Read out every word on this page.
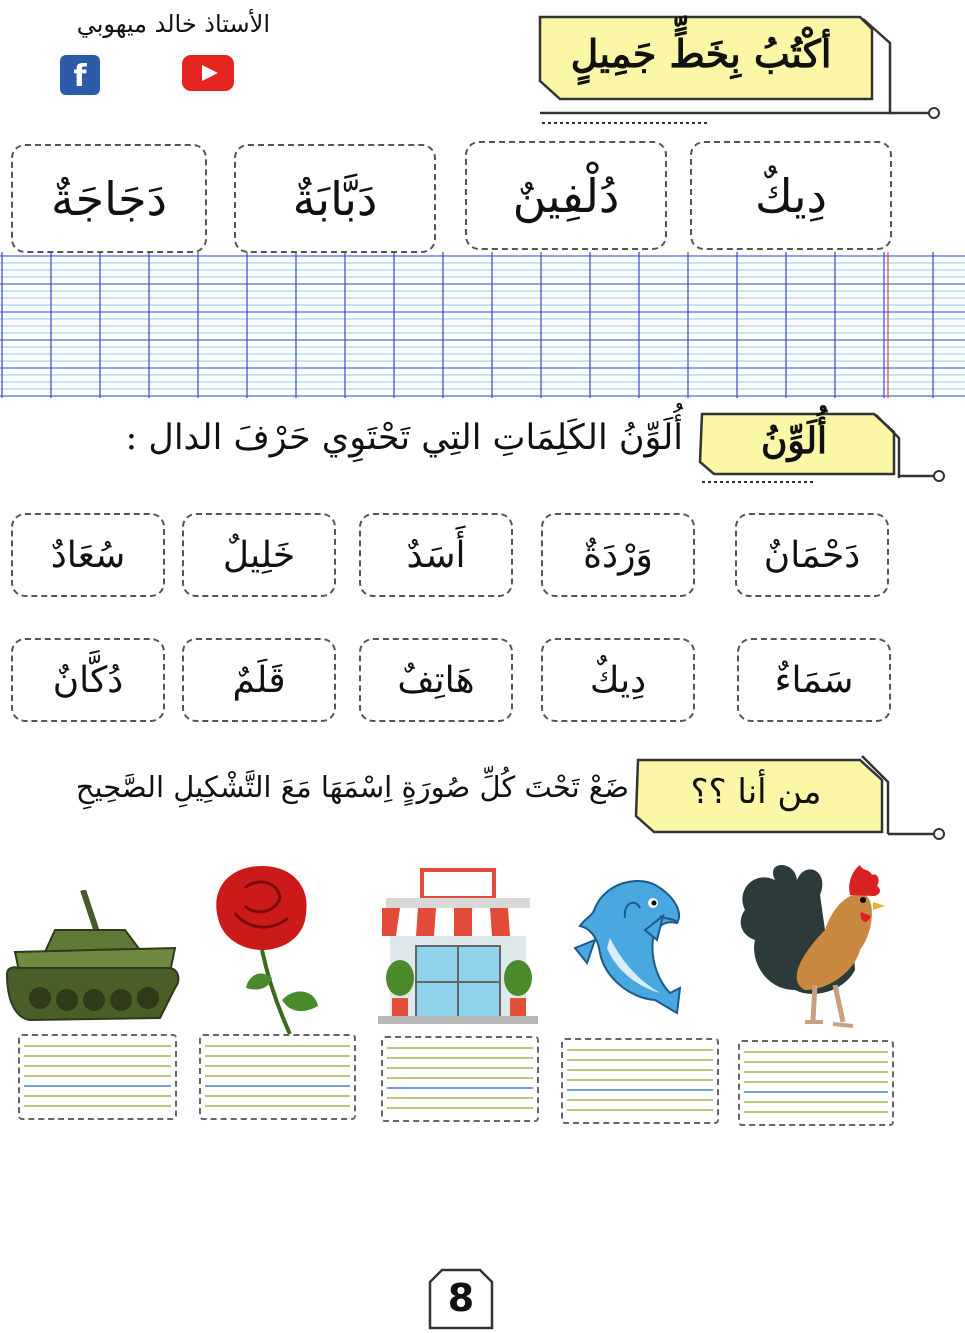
الأستاذ خالد ميهوبي
f
أكْتُبُ بِخَطٍّ جَمِيلٍ
دِيكٌ
دُلْفِينٌ
دَبَّابَةٌ
دَجَاجَةٌ
أُلَوِّنُ
أُلَوِّنُ الكَلِمَاتِ التِي تَحْتَوِي حَرْفَ الدال :
دَحْمَانٌ
وَرْدَةٌ
أَسَدٌ
خَلِيلٌ
سُعَادٌ
سَمَاءٌ
دِيكٌ
هَاتِفٌ
قَلَمٌ
دُكَّانٌ
من أنا ؟؟
ضَعْ تَحْتَ كُلِّ صُورَةٍ اِسْمَهَا مَعَ التَّشْكِيلِ الصَّحِيحِ
8
